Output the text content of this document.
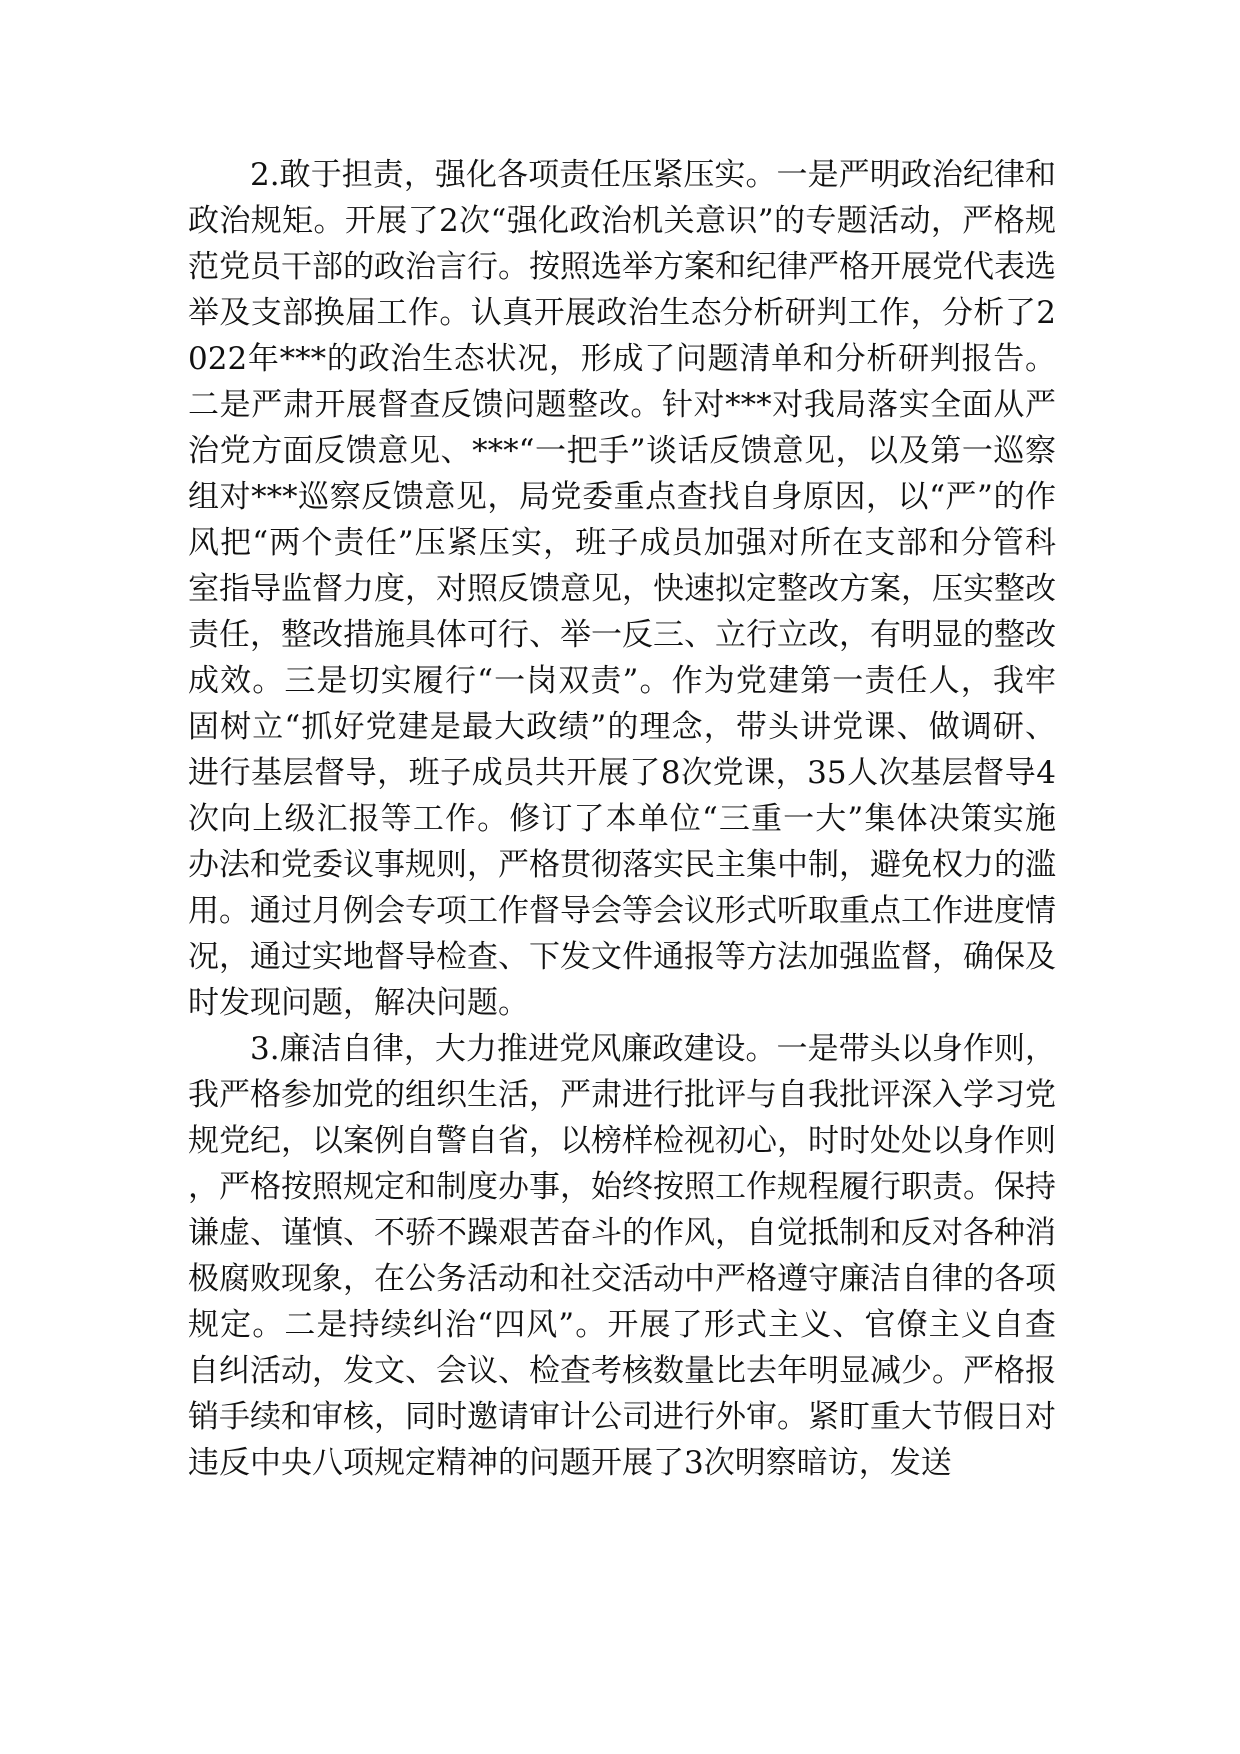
2.敢于担责，强化各项责任压紧压实。一是严明政治纪律和政治规矩。开展了2次“强化政治机关意识”的专题活动，严格规范党员干部的政治言行。按照选举方案和纪律严格开展党代表选举及支部换届工作。认真开展政治生态分析研判工作，分析了2022年***的政治生态状况，形成了问题清单和分析研判报告。二是严肃开展督查反馈问题整改。针对***对我局落实全面从严治党方面反馈意见、***“一把手”谈话反馈意见，以及第一巡察组对***巡察反馈意见，局党委重点查找自身原因，以“严”的作风把“两个责任”压紧压实，班子成员加强对所在支部和分管科室指导监督力度，对照反馈意见，快速拟定整改方案，压实整改责任，整改措施具体可行、举一反三、立行立改，有明显的整改成效。三是切实履行“一岗双责”。作为党建第一责任人，我牢固树立“抓好党建是最大政绩”的理念，带头讲党课、做调研、进行基层督导，班子成员共开展了8次党课，35人次基层督导4次向上级汇报等工作。修订了本单位“三重一大”集体决策实施办法和党委议事规则，严格贯彻落实民主集中制，避免权力的滥用。通过月例会专项工作督导会等会议形式听取重点工作进度情况，通过实地督导检查、下发文件通报等方法加强监督，确保及时发现问题，解决问题。

3.廉洁自律，大力推进党风廉政建设。一是带头以身作则，我严格参加党的组织生活，严肃进行批评与自我批评深入学习党规党纪，以案例自警自省，以榜样检视初心，时时处处以身作则，严格按照规定和制度办事，始终按照工作规程履行职责。保持谦虚、谨慎、不骄不躁艰苦奋斗的作风，自觉抵制和反对各种消极腐败现象，在公务活动和社交活动中严格遵守廉洁自律的各项规定。二是持续纠治“四风”。开展了形式主义、官僚主义自查自纠活动，发文、会议、检查考核数量比去年明显减少。严格报销手续和审核，同时邀请审计公司进行外审。紧盯重大节假日对违反中央八项规定精神的问题开展了3次明察暗访，发送
